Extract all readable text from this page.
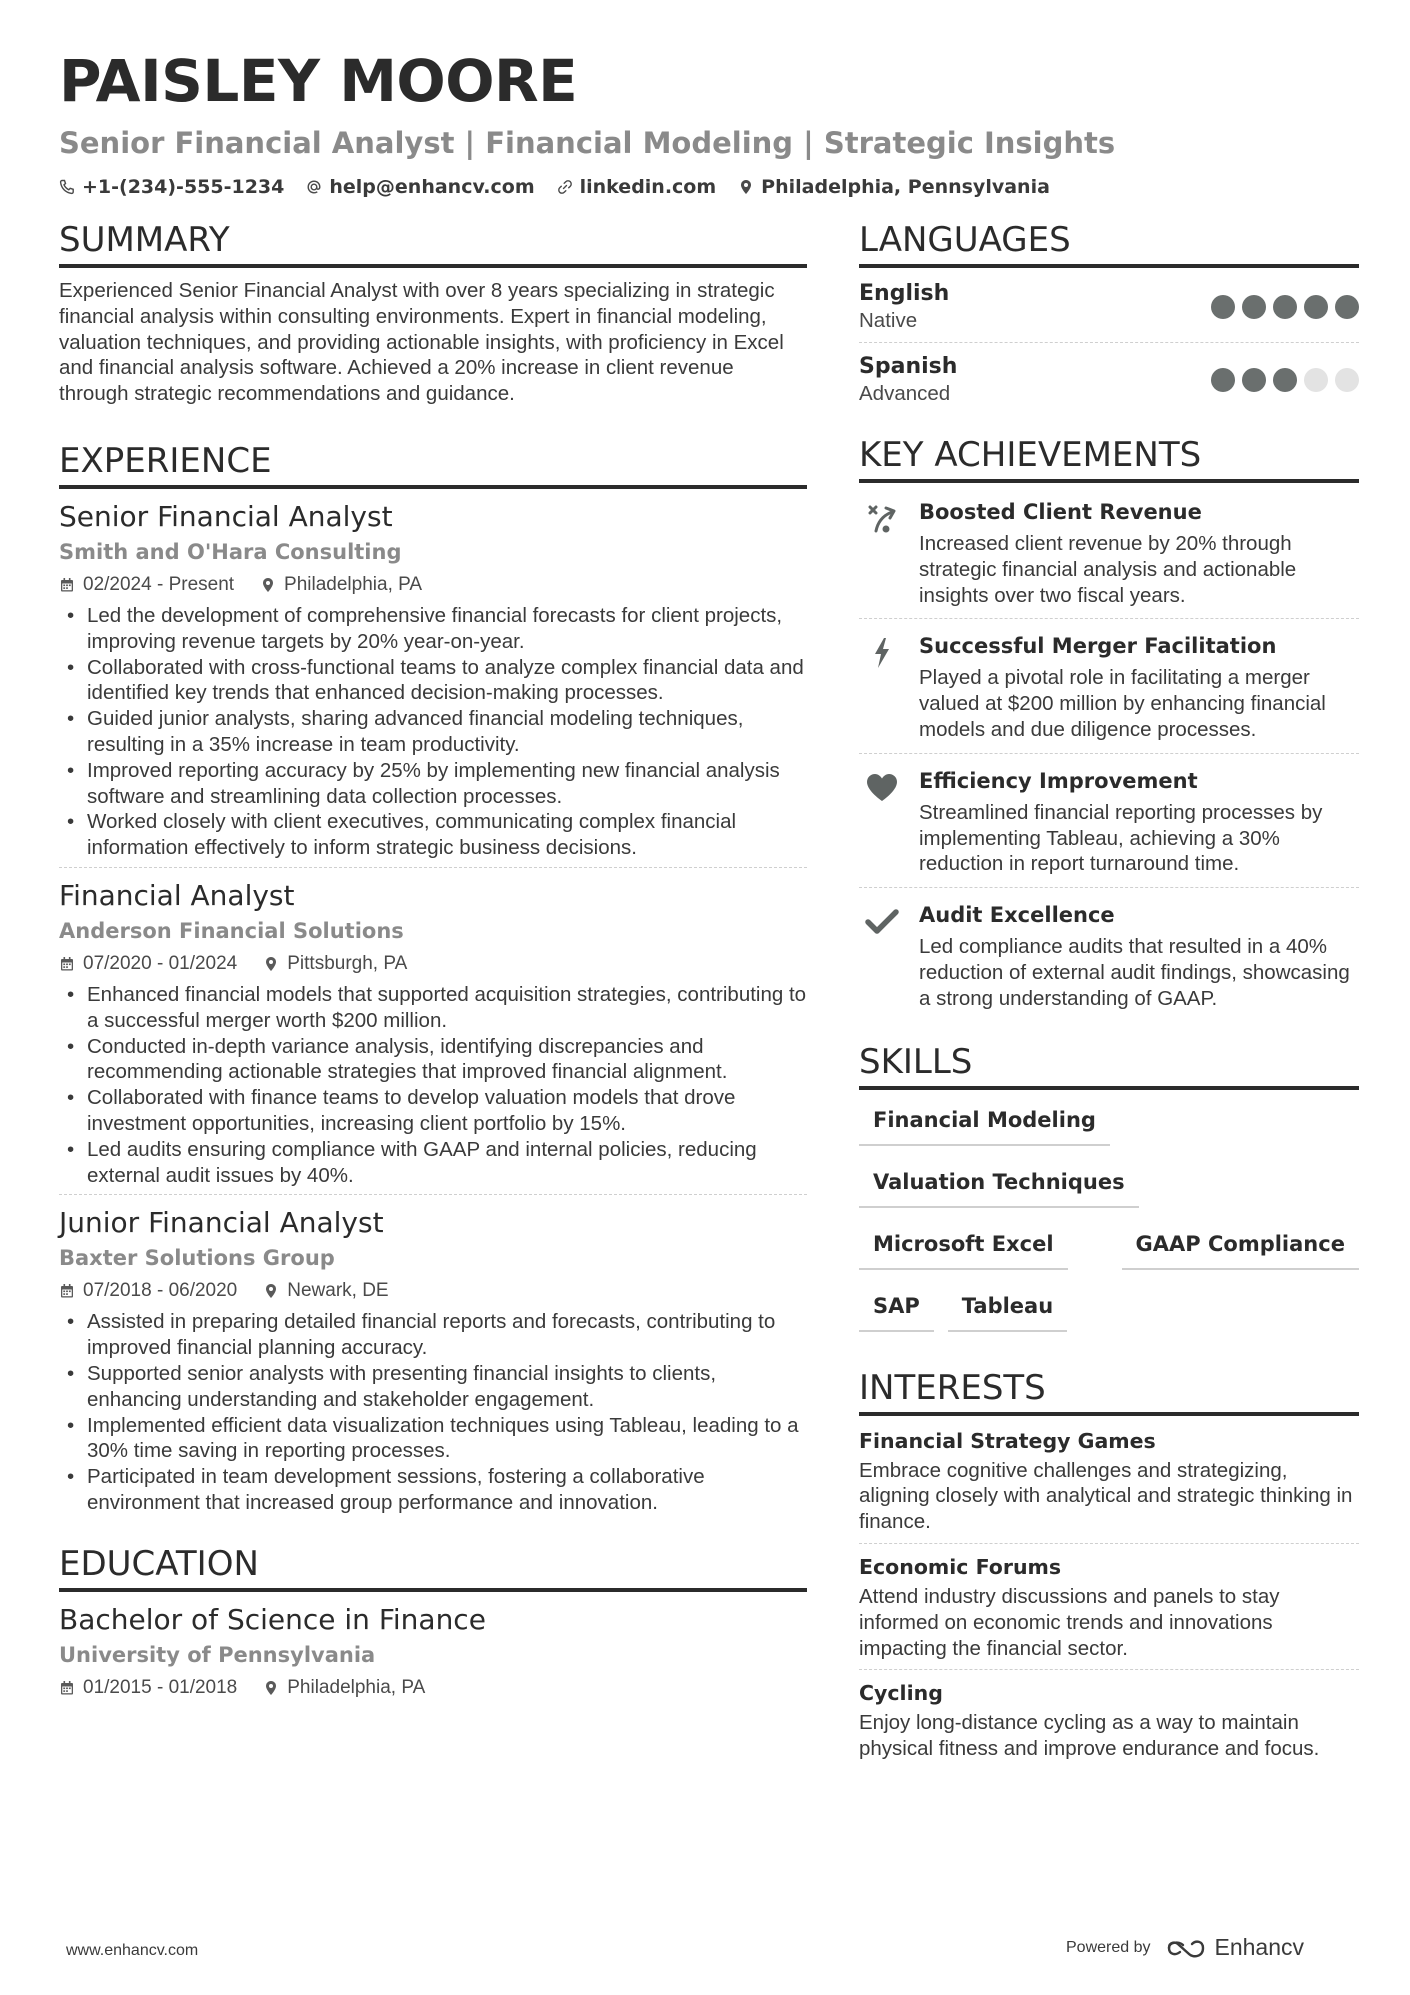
PAISLEY MOORE
Senior Financial Analyst | Financial Modeling | Strategic Insights
+1-(234)-555-1234 help@enhancv.com linkedin.com Philadelphia, Pennsylvania
SUMMARY
Experienced Senior Financial Analyst with over 8 years specializing in strategic financial analysis within consulting environments. Expert in financial modeling, valuation techniques, and providing actionable insights, with proficiency in Excel and financial analysis software. Achieved a 20% increase in client revenue through strategic recommendations and guidance.
EXPERIENCE
Senior Financial Analyst
Smith and O'Hara Consulting
02/2024 - Present	Philadelphia, PA
• Led the development of comprehensive financial forecasts for client projects, improving revenue targets by 20% year-on-year.
• Collaborated with cross-functional teams to analyze complex financial data and identified key trends that enhanced decision-making processes.
• Guided junior analysts, sharing advanced financial modeling techniques, resulting in a 35% increase in team productivity.
• Improved reporting accuracy by 25% by implementing new financial analysis software and streamlining data collection processes.
• Worked closely with client executives, communicating complex financial information effectively to inform strategic business decisions.
Financial Analyst
Anderson Financial Solutions
07/2020 - 01/2024	Pittsburgh, PA
• Enhanced financial models that supported acquisition strategies, contributing to a successful merger worth $200 million.
• Conducted in-depth variance analysis, identifying discrepancies and recommending actionable strategies that improved financial alignment.
• Collaborated with finance teams to develop valuation models that drove investment opportunities, increasing client portfolio by 15%.
• Led audits ensuring compliance with GAAP and internal policies, reducing external audit issues by 40%.
Junior Financial Analyst
Baxter Solutions Group
07/2018 - 06/2020	Newark, DE
• Assisted in preparing detailed financial reports and forecasts, contributing to improved financial planning accuracy.
• Supported senior analysts with presenting financial insights to clients, enhancing understanding and stakeholder engagement.
• Implemented efficient data visualization techniques using Tableau, leading to a 30% time saving in reporting processes.
• Participated in team development sessions, fostering a collaborative environment that increased group performance and innovation.
EDUCATION
Bachelor of Science in Finance
University of Pennsylvania
01/2015 - 01/2018	Philadelphia, PA
LANGUAGES
English
Native
Spanish
Advanced
KEY ACHIEVEMENTS
Boosted Client Revenue
Increased client revenue by 20% through strategic financial analysis and actionable insights over two fiscal years.
Successful Merger Facilitation
Played a pivotal role in facilitating a merger valued at $200 million by enhancing financial models and due diligence processes.
Efficiency Improvement
Streamlined financial reporting processes by implementing Tableau, achieving a 30% reduction in report turnaround time.
Audit Excellence
Led compliance audits that resulted in a 40% reduction of external audit findings, showcasing a strong understanding of GAAP.
SKILLS
Financial Modeling
Valuation Techniques
Microsoft Excel	GAAP Compliance
SAP	Tableau
INTERESTS
Financial Strategy Games
Embrace cognitive challenges and strategizing, aligning closely with analytical and strategic thinking in finance.
Economic Forums
Attend industry discussions and panels to stay informed on economic trends and innovations impacting the financial sector.
Cycling
Enjoy long-distance cycling as a way to maintain physical fitness and improve endurance and focus.
www.enhancv.com	Powered by	Enhancv
